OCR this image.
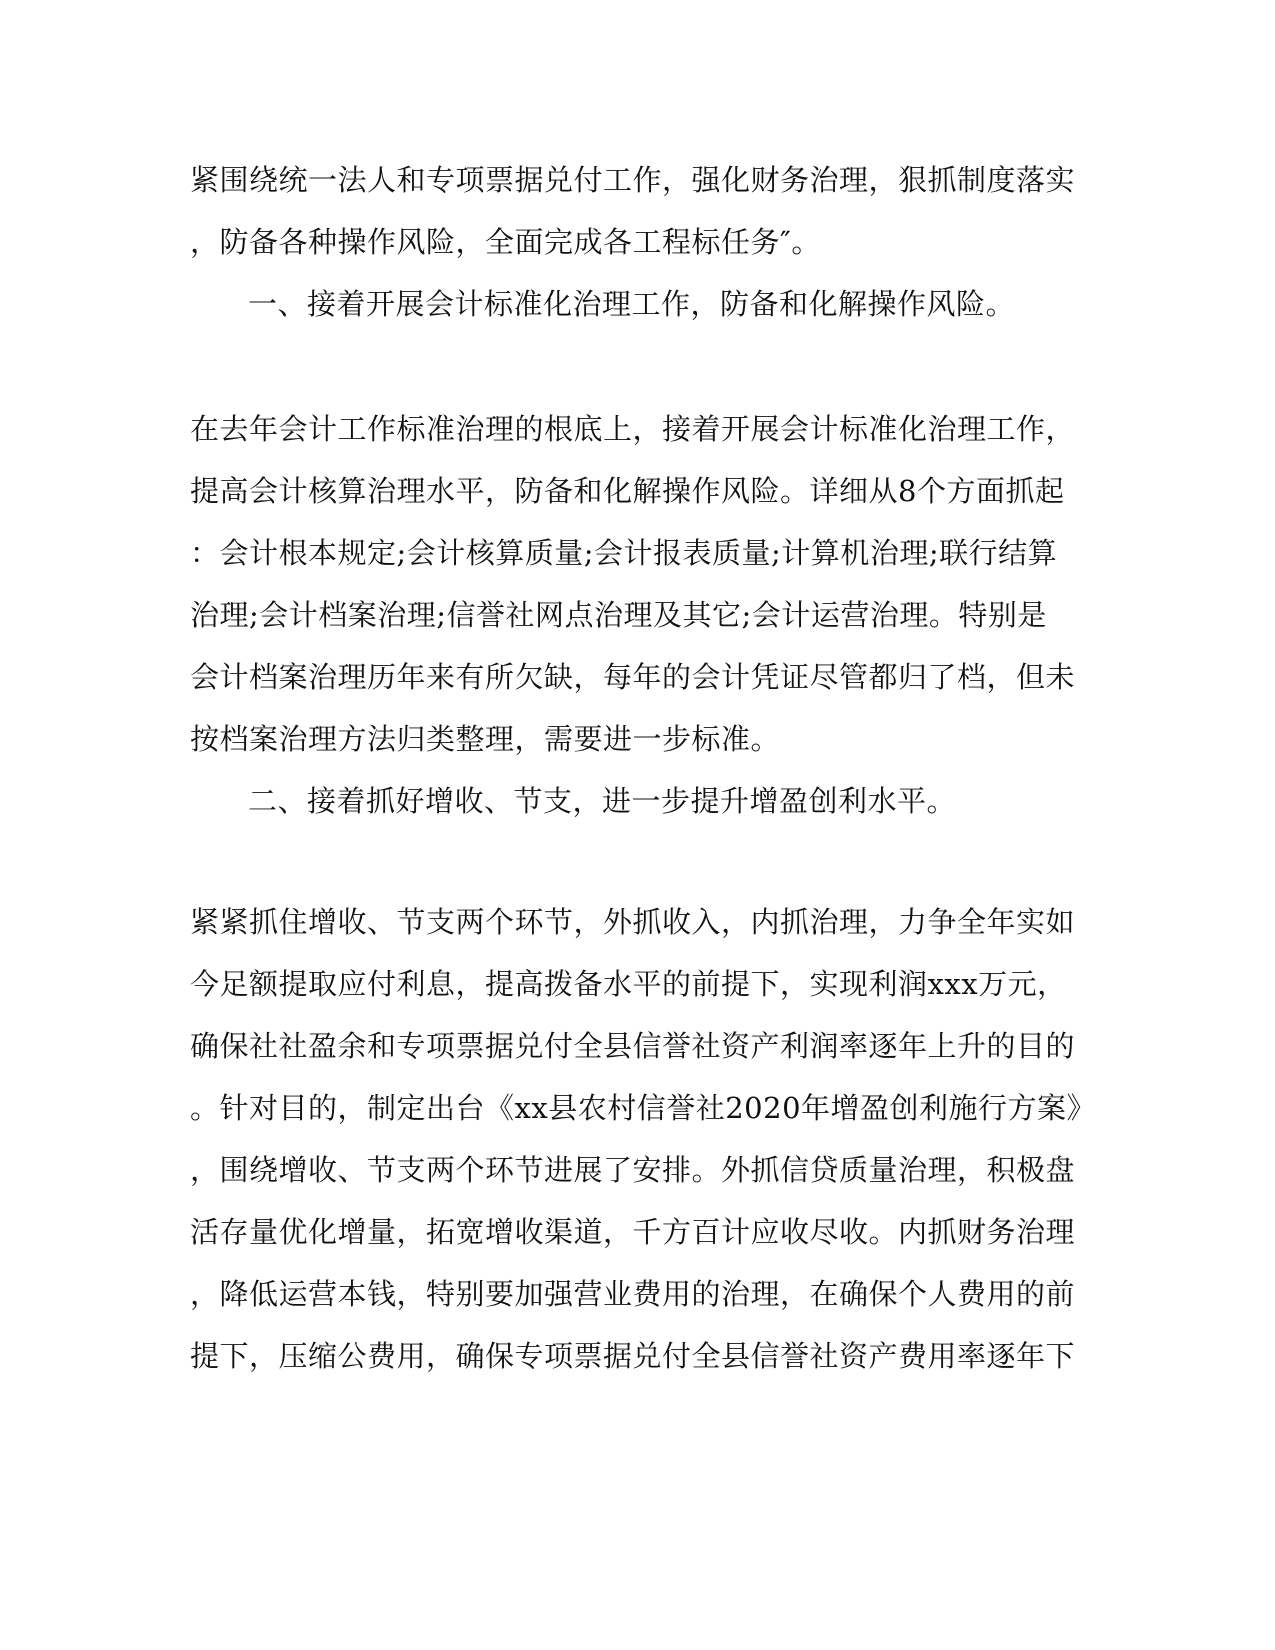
紧围绕统一法人和专项票据兑付工作，强化财务治理，狠抓制度落实
，防备各种操作风险，全面完成各工程标任务″。
一、接着开展会计标准化治理工作，防备和化解操作风险。
在去年会计工作标准治理的根底上，接着开展会计标准化治理工作，
提高会计核算治理水平，防备和化解操作风险。详细从8个方面抓起
：会计根本规定;会计核算质量;会计报表质量;计算机治理;联行结算
治理;会计档案治理;信誉社网点治理及其它;会计运营治理。特别是
会计档案治理历年来有所欠缺，每年的会计凭证尽管都归了档，但未
按档案治理方法归类整理，需要进一步标准。
二、接着抓好增收、节支，进一步提升增盈创利水平。
紧紧抓住增收、节支两个环节，外抓收入，内抓治理，力争全年实如
今足额提取应付利息，提高拨备水平的前提下，实现利润xxx万元，
确保社社盈余和专项票据兑付全县信誉社资产利润率逐年上升的目的
。针对目的，制定出台《xx县农村信誉社2020年增盈创利施行方案》
，围绕增收、节支两个环节进展了安排。外抓信贷质量治理，积极盘
活存量优化增量，拓宽增收渠道，千方百计应收尽收。内抓财务治理
，降低运营本钱，特别要加强营业费用的治理，在确保个人费用的前
提下，压缩公费用，确保专项票据兑付全县信誉社资产费用率逐年下
